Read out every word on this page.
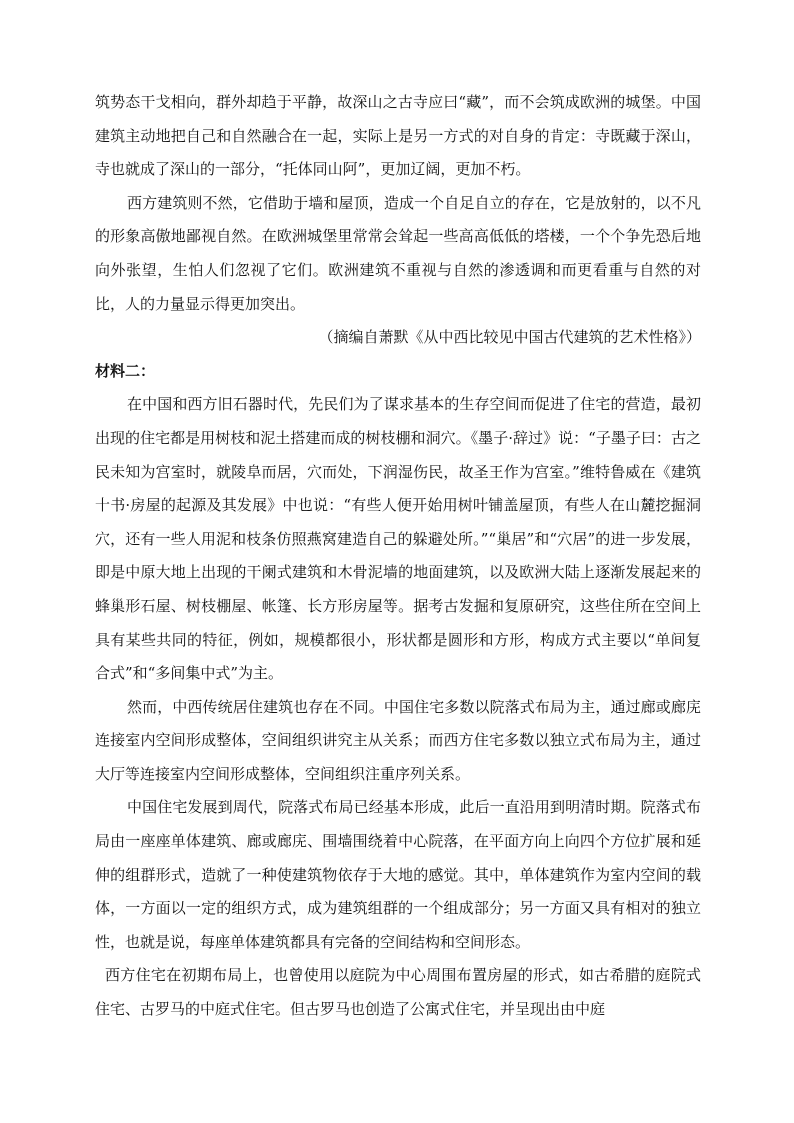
筑势态干戈相向，群外却趋于平静，故深山之古寺应曰“藏”，而不会筑成欧洲的城堡。中国建筑主动地把自己和自然融合在一起，实际上是另一方式的对自身的肯定：寺既藏于深山，寺也就成了深山的一部分，“托体同山阿”，更加辽阔，更加不朽。

西方建筑则不然，它借助于墙和屋顶，造成一个自足自立的存在，它是放射的，以不凡的形象高傲地鄙视自然。在欧洲城堡里常常会耸起一些高高低低的塔楼，一个个争先恐后地向外张望，生怕人们忽视了它们。欧洲建筑不重视与自然的渗透调和而更看重与自然的对比，人的力量显示得更加突出。

（摘编自萧默《从中西比较见中国古代建筑的艺术性格》）

材料二：

在中国和西方旧石器时代，先民们为了谋求基本的生存空间而促进了住宅的营造，最初出现的住宅都是用树枝和泥土搭建而成的树枝棚和洞穴。《墨子·辞过》说：“子墨子曰：古之民未知为宫室时，就陵阜而居，穴而处，下润湿伤民，故圣王作为宫室。”维特鲁威在《建筑十书·房屋的起源及其发展》中也说：“有些人便开始用树叶铺盖屋顶，有些人在山麓挖掘洞穴，还有一些人用泥和枝条仿照燕窝建造自己的躲避处所。”“巢居”和“穴居”的进一步发展，即是中原大地上出现的干阑式建筑和木骨泥墙的地面建筑，以及欧洲大陆上逐渐发展起来的蜂巢形石屋、树枝棚屋、帐篷、长方形房屋等。据考古发掘和复原研究，这些住所在空间上具有某些共同的特征，例如，规模都很小，形状都是圆形和方形，构成方式主要以“单间复合式”和“多间集中式”为主。

然而，中西传统居住建筑也存在不同。中国住宅多数以院落式布局为主，通过廊或廊庑连接室内空间形成整体，空间组织讲究主从关系；而西方住宅多数以独立式布局为主，通过大厅等连接室内空间形成整体，空间组织注重序列关系。

中国住宅发展到周代，院落式布局已经基本形成，此后一直沿用到明清时期。院落式布局由一座座单体建筑、廊或廊庑、围墙围绕着中心院落，在平面方向上向四个方位扩展和延伸的组群形式，造就了一种使建筑物依存于大地的感觉。其中，单体建筑作为室内空间的载体，一方面以一定的组织方式，成为建筑组群的一个组成部分；另一方面又具有相对的独立性，也就是说，每座单体建筑都具有完备的空间结构和空间形态。

西方住宅在初期布局上，也曾使用以庭院为中心周围布置房屋的形式，如古希腊的庭院式住宅、古罗马的中庭式住宅。但古罗马也创造了公寓式住宅，并呈现出由中庭
